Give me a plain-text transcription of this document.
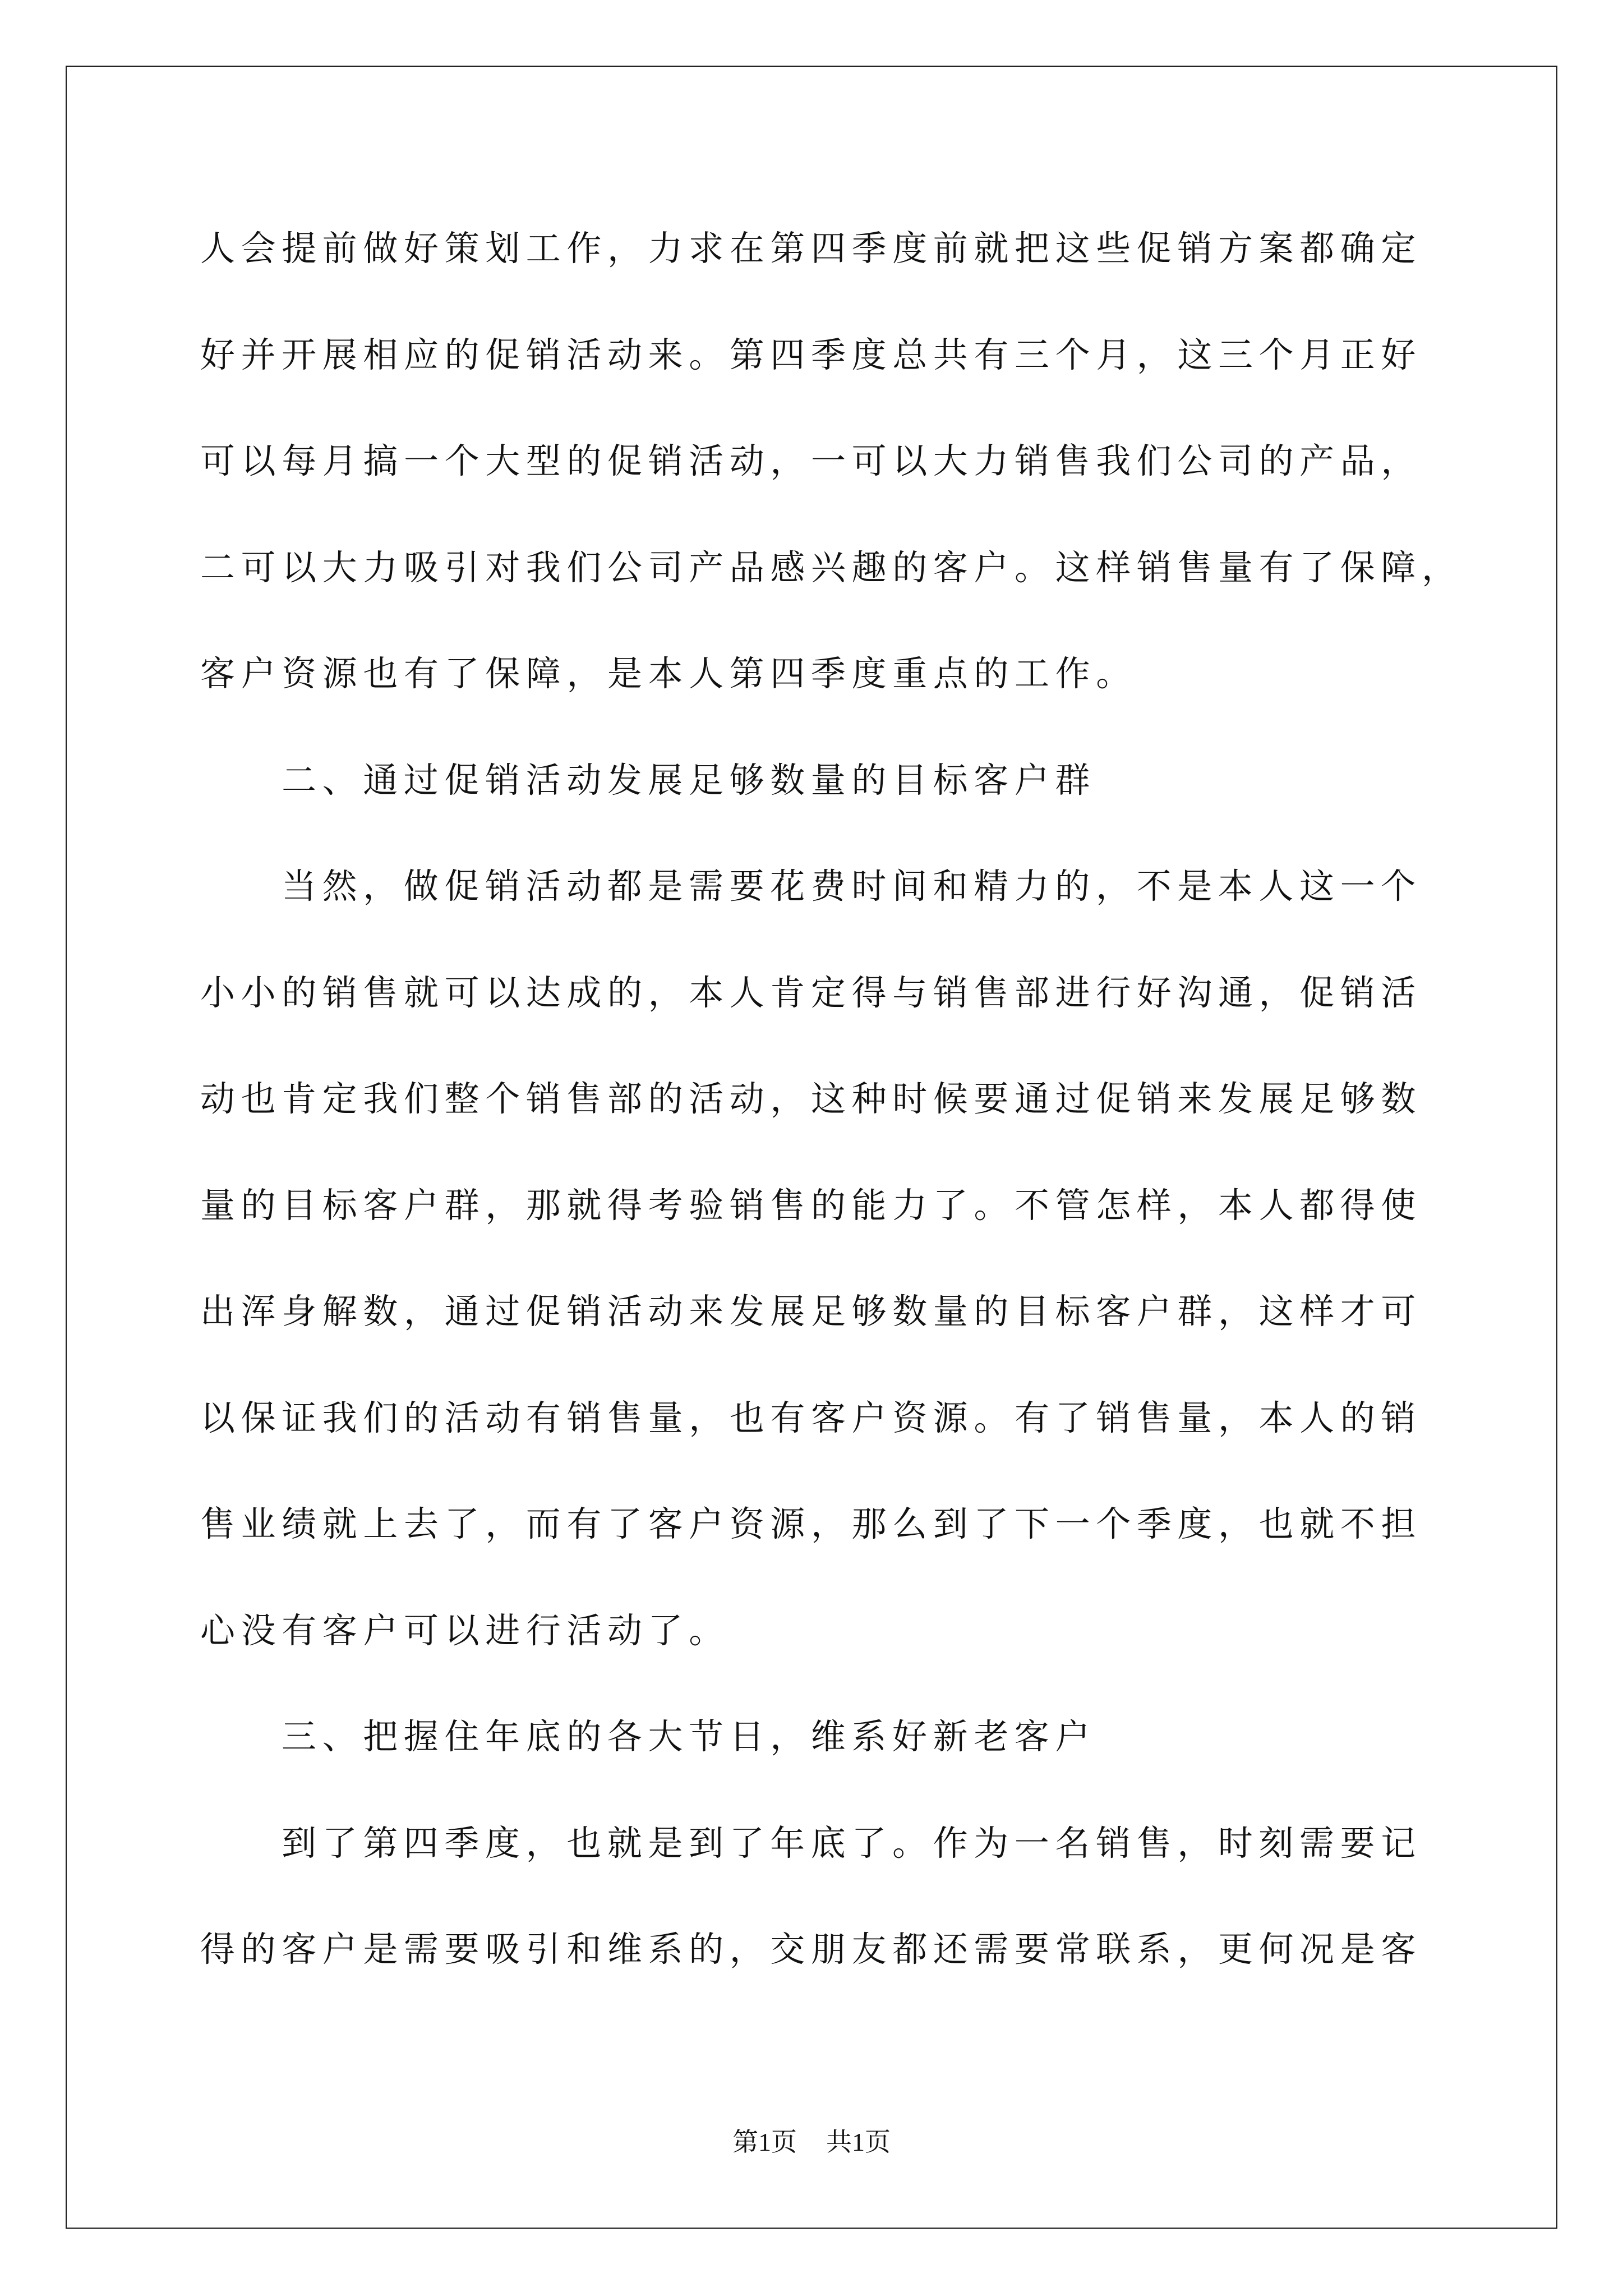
人会提前做好策划工作，力求在第四季度前就把这些促销方案都确定
好并开展相应的促销活动来。第四季度总共有三个月，这三个月正好
可以每月搞一个大型的促销活动，一可以大力销售我们公司的产品，
二可以大力吸引对我们公司产品感兴趣的客户。这样销售量有了保障，
客户资源也有了保障，是本人第四季度重点的工作。
二、通过促销活动发展足够数量的目标客户群
当然，做促销活动都是需要花费时间和精力的，不是本人这一个
小小的销售就可以达成的，本人肯定得与销售部进行好沟通，促销活
动也肯定我们整个销售部的活动，这种时候要通过促销来发展足够数
量的目标客户群，那就得考验销售的能力了。不管怎样，本人都得使
出浑身解数，通过促销活动来发展足够数量的目标客户群，这样才可
以保证我们的活动有销售量，也有客户资源。有了销售量，本人的销
售业绩就上去了，而有了客户资源，那么到了下一个季度，也就不担
心没有客户可以进行活动了。
三、把握住年底的各大节日，维系好新老客户
到了第四季度，也就是到了年底了。作为一名销售，时刻需要记
得的客户是需要吸引和维系的，交朋友都还需要常联系，更何况是客
第1页 共1页
